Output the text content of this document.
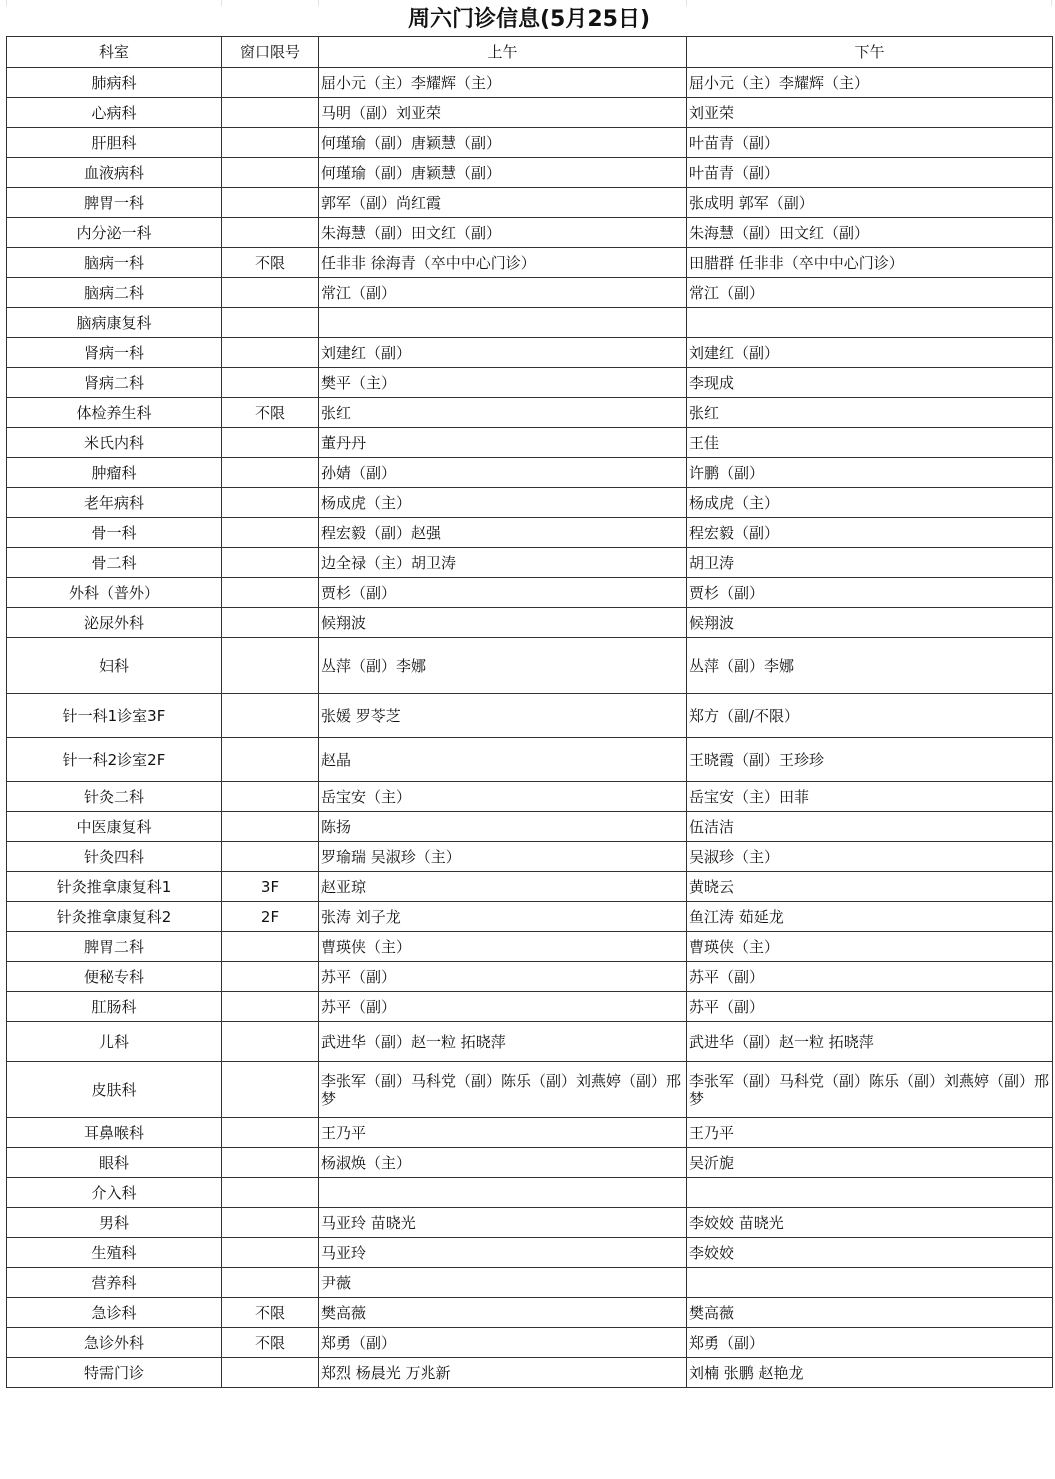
周六门诊信息(5月25日)
科室	窗口限号	上午	下午
肺病科		屈小元（主）李耀辉（主）	屈小元（主）李耀辉（主）
心病科		马明（副）刘亚荣	刘亚荣
肝胆科		何瑾瑜（副）唐颖慧（副）	叶苗青（副）
血液病科		何瑾瑜（副）唐颖慧（副）	叶苗青（副）
脾胃一科		郭军（副）尚红霞	张成明 郭军（副）
内分泌一科		朱海慧（副）田文红（副）	朱海慧（副）田文红（副）
脑病一科	不限	任非非 徐海青（卒中中心门诊）	田腊群 任非非（卒中中心门诊）
脑病二科		常江（副）	常江（副）
脑病康复科			
肾病一科		刘建红（副）	刘建红（副）
肾病二科		樊平（主）	李现成
体检养生科	不限	张红	张红
米氏内科		董丹丹	王佳
肿瘤科		孙婧（副）	许鹏（副）
老年病科		杨成虎（主）	杨成虎（主）
骨一科		程宏毅（副）赵强	程宏毅（副）
骨二科		边全禄（主）胡卫涛	胡卫涛
外科（普外）		贾杉（副）	贾杉（副）
泌尿外科		候翔波	候翔波
妇科		丛萍（副）李娜	丛萍（副）李娜
针一科1诊室3F		张媛 罗苓芝	郑方（副/不限）
针一科2诊室2F		赵晶	王晓霞（副）王珍珍
针灸二科		岳宝安（主）	岳宝安（主）田菲
中医康复科		陈扬	伍洁洁
针灸四科		罗瑜瑞 吴淑珍（主）	吴淑珍（主）
针灸推拿康复科1	3F	赵亚琼	黄晓云
针灸推拿康复科2	2F	张涛 刘子龙	鱼江涛 茹延龙
脾胃二科		曹瑛侠（主）	曹瑛侠（主）
便秘专科		苏平（副）	苏平（副）
肛肠科		苏平（副）	苏平（副）
儿科		武进华（副）赵一粒 拓晓萍	武进华（副）赵一粒 拓晓萍
皮肤科		李张军（副）马科党（副）陈乐（副）刘燕婷（副）邢梦	李张军（副）马科党（副）陈乐（副）刘燕婷（副）邢梦
耳鼻喉科		王乃平	王乃平
眼科		杨淑焕（主）	吴沂旎
介入科			
男科		马亚玲 苗晓光	李姣姣 苗晓光
生殖科		马亚玲	李姣姣
营养科		尹薇	
急诊科	不限	樊高薇	樊高薇
急诊外科	不限	郑勇（副）	郑勇（副）
特需门诊		郑烈 杨晨光 万兆新	刘楠 张鹏 赵艳龙
